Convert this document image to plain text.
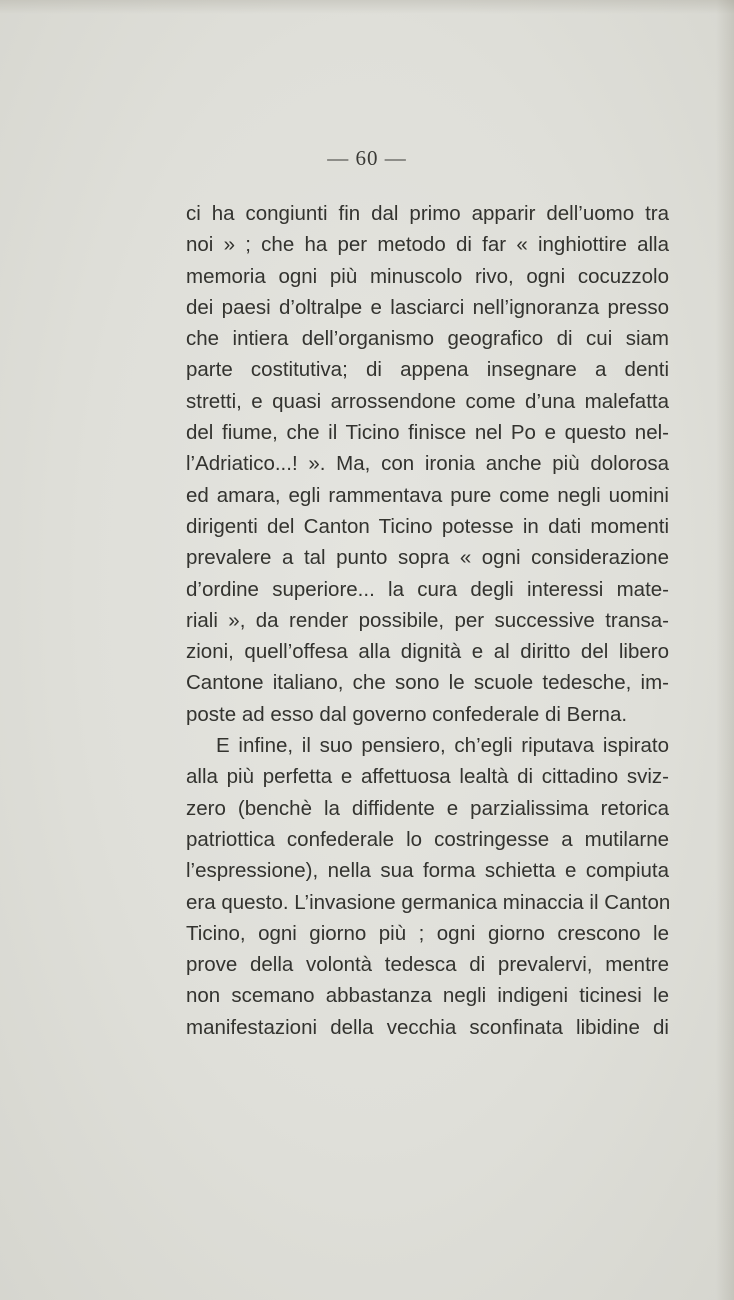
— 60 —
ci ha congiunti fin dal primo apparir dell’uomo tra
noi » ; che ha per metodo di far « inghiottire alla
memoria ogni più minuscolo rivo, ogni cocuzzolo
dei paesi d’oltralpe e lasciarci nell’ignoranza presso
che intiera dell’organismo geografico di cui siam
parte costitutiva; di appena insegnare a denti
stretti, e quasi arrossendone come d’una malefatta
del fiume, che il Ticino finisce nel Po e questo nel-
l’Adriatico...! ». Ma, con ironia anche più dolorosa
ed amara, egli rammentava pure come negli uomini
dirigenti del Canton Ticino potesse in dati momenti
prevalere a tal punto sopra « ogni considerazione
d’ordine superiore... la cura degli interessi mate-
riali », da render possibile, per successive transa-
zioni, quell’offesa alla dignità e al diritto del libero
Cantone italiano, che sono le scuole tedesche, im-
poste ad esso dal governo confederale di Berna.
E infine, il suo pensiero, ch’egli riputava ispirato
alla più perfetta e affettuosa lealtà di cittadino sviz-
zero (benchè la diffidente e parzialissima retorica
patriottica confederale lo costringesse a mutilarne
l’espressione), nella sua forma schietta e compiuta
era questo. L’invasione germanica minaccia il Canton
Ticino, ogni giorno più ; ogni giorno crescono le
prove della volontà tedesca di prevalervi, mentre
non scemano abbastanza negli indigeni ticinesi le
manifestazioni della vecchia sconfinata libidine di
